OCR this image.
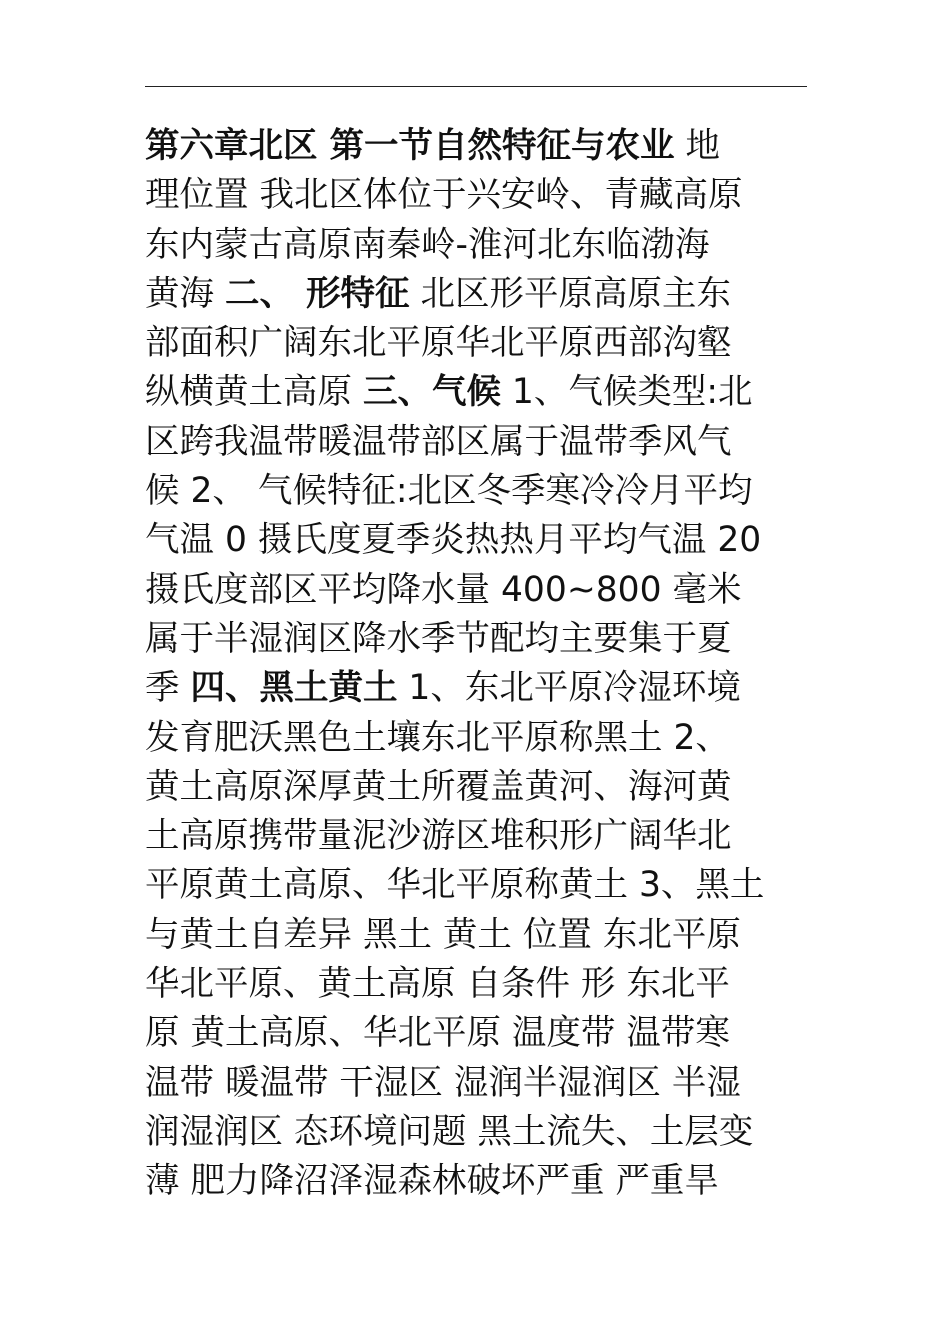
第六章北区 第一节自然特征与农业 地
理位置 我北区体位于兴安岭、青藏高原
东内蒙古高原南秦岭-淮河北东临渤海
黄海 二、 形特征 北区形平原高原主东
部面积广阔东北平原华北平原西部沟壑
纵横黄土高原 三、气候 1、气候类型:北
区跨我温带暖温带部区属于温带季风气
候 2、 气候特征:北区冬季寒冷冷月平均
气温 0 摄氏度夏季炎热热月平均气温 20
摄氏度部区平均降水量 400~800 毫米
属于半湿润区降水季节配均主要集于夏
季 四、黑土黄土 1、东北平原冷湿环境
发育肥沃黑色土壤东北平原称黑土 2、
黄土高原深厚黄土所覆盖黄河、海河黄
土高原携带量泥沙游区堆积形广阔华北
平原黄土高原、华北平原称黄土 3、黑土
与黄土自差异 黑土 黄土 位置 东北平原
华北平原、黄土高原 自条件 形 东北平
原 黄土高原、华北平原 温度带 温带寒
温带 暖温带 干湿区 湿润半湿润区 半湿
润湿润区 态环境问题 黑土流失、土层变
薄 肥力降沼泽湿森林破坏严重 严重旱
